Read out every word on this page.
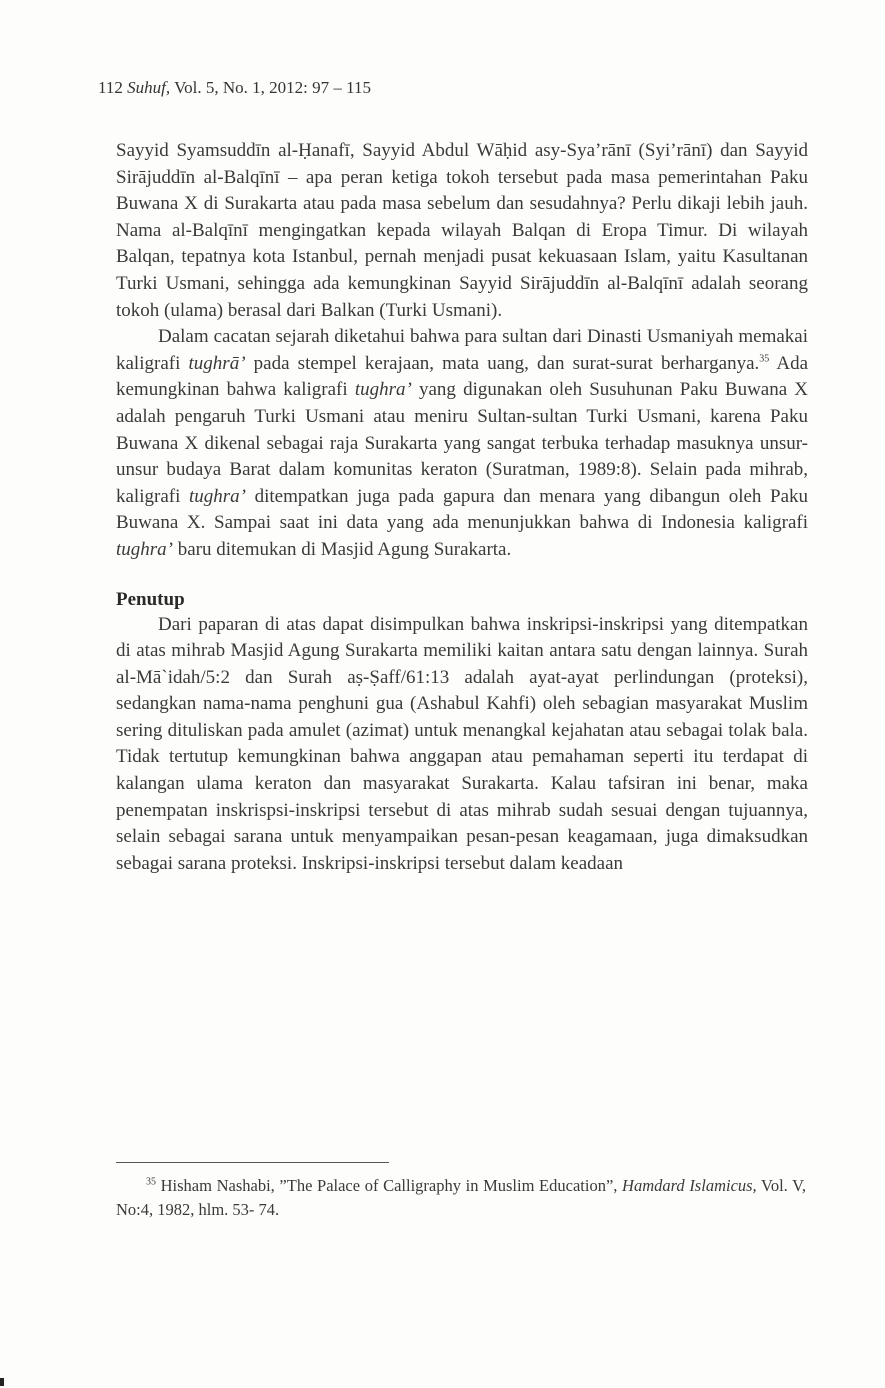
112 Suhuf, Vol. 5, No. 1, 2012: 97 – 115

Sayyid Syamsuddīn al-Ḥanafī, Sayyid Abdul Wāḥid asy-Sya’rānī (Syi’rānī) dan Sayyid Sirājuddīn al-Balqīnī – apa peran ketiga tokoh tersebut pada masa pemerintahan Paku Buwana X di Surakarta atau pada masa sebelum dan sesudahnya? Perlu dikaji lebih jauh. Nama al-Balqīnī mengingatkan kepada wilayah Balqan di Eropa Timur. Di wilayah Balqan, tepatnya kota Istanbul, pernah menjadi pusat kekuasaan Islam, yaitu Kasultanan Turki Usmani, sehingga ada kemungkinan Sayyid Sirājuddīn al-Balqīnī adalah seorang tokoh (ulama) berasal dari Balkan (Turki Usmani).

Dalam cacatan sejarah diketahui bahwa para sultan dari Dinasti Usmaniyah memakai kaligrafi tughrā’ pada stempel kerajaan, mata uang, dan surat-surat berharganya.$^{35}$ Ada kemungkinan bahwa kaligrafi tughra’ yang digunakan oleh Susuhunan Paku Buwana X adalah pengaruh Turki Usmani atau meniru Sultan-sultan Turki Usmani, karena Paku Buwana X dikenal sebagai raja Surakarta yang sangat terbuka terhadap masuknya unsur-unsur budaya Barat dalam komunitas keraton (Suratman, 1989:8). Selain pada mihrab, kaligrafi tughra’ ditempatkan juga pada gapura dan menara yang dibangun oleh Paku Buwana X. Sampai saat ini data yang ada menunjukkan bahwa di Indonesia kaligrafi tughra’ baru ditemukan di Masjid Agung Surakarta.

Penutup

Dari paparan di atas dapat disimpulkan bahwa inskripsi-inskripsi yang ditempatkan di atas mihrab Masjid Agung Surakarta memiliki kaitan antara satu dengan lainnya. Surah al-Mā`idah/5:2 dan Surah aṣ-Ṣaff/61:13 adalah ayat-ayat perlindungan (proteksi), sedangkan nama-nama penghuni gua (Ashabul Kahfi) oleh sebagian masyarakat Muslim sering dituliskan pada amulet (azimat) untuk menangkal kejahatan atau sebagai tolak bala. Tidak tertutup kemungkinan bahwa anggapan atau pemahaman seperti itu terdapat di kalangan ulama keraton dan masyarakat Surakarta. Kalau tafsiran ini benar, maka penempatan inskrispsi-inskripsi tersebut di atas mihrab sudah sesuai dengan tujuannya, selain sebagai sarana untuk menyampaikan pesan-pesan keagamaan, juga dimaksudkan sebagai sarana proteksi. Inskripsi-inskripsi tersebut dalam keadaan

$^{35}$ Hisham Nashabi, ”The Palace of Calligraphy in Muslim Education”, Hamdard Islamicus, Vol. V, No:4, 1982, hlm. 53- 74.
